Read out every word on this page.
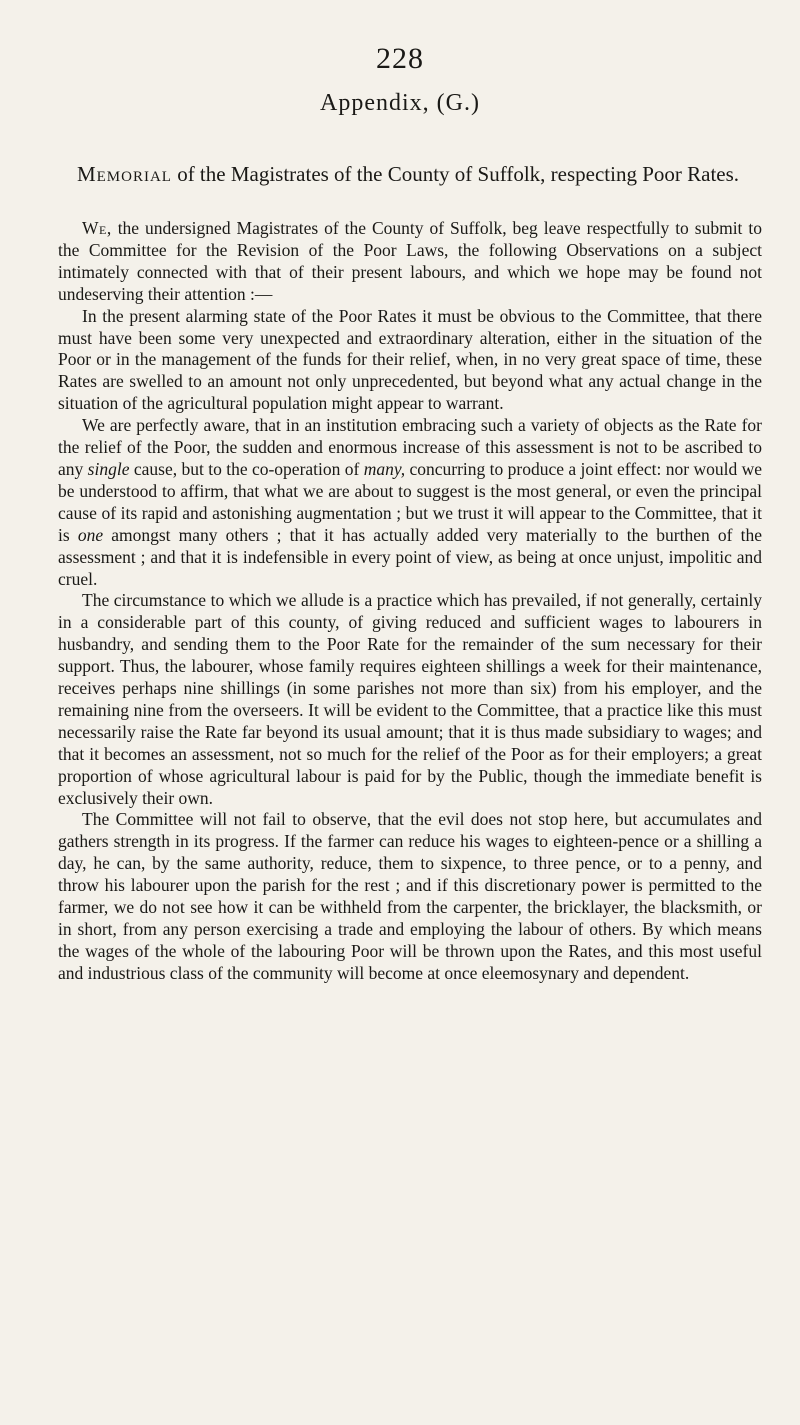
228
Appendix, (G.)
Memorial of the Magistrates of the County of Suffolk, respecting Poor Rates.

We, the undersigned Magistrates of the County of Suffolk, beg leave respectfully to submit to the Committee for the Revision of the Poor Laws, the following Observations on a subject intimately connected with that of their present labours, and which we hope may be found not undeserving their attention :—

In the present alarming state of the Poor Rates it must be obvious to the Committee, that there must have been some very unexpected and extraordinary alteration, either in the situation of the Poor or in the management of the funds for their relief, when, in no very great space of time, these Rates are swelled to an amount not only unprecedented, but beyond what any actual change in the situation of the agricultural population might appear to warrant.

We are perfectly aware, that in an institution embracing such a variety of objects as the Rate for the relief of the Poor, the sudden and enormous increase of this assessment is not to be ascribed to any single cause, but to the co-operation of many, concurring to produce a joint effect: nor would we be understood to affirm, that what we are about to suggest is the most general, or even the principal cause of its rapid and astonishing augmentation ; but we trust it will appear to the Committee, that it is one amongst many others ; that it has actually added very materially to the burthen of the assessment ; and that it is indefensible in every point of view, as being at once unjust, impolitic and cruel.

The circumstance to which we allude is a practice which has prevailed, if not generally, certainly in a considerable part of this county, of giving reduced and sufficient wages to labourers in husbandry, and sending them to the Poor Rate for the remainder of the sum necessary for their support. Thus, the labourer, whose family requires eighteen shillings a week for their maintenance, receives perhaps nine shillings (in some parishes not more than six) from his employer, and the remaining nine from the overseers. It will be evident to the Committee, that a practice like this must necessarily raise the Rate far beyond its usual amount; that it is thus made subsidiary to wages; and that it becomes an assessment, not so much for the relief of the Poor as for their employers; a great proportion of whose agricultural labour is paid for by the Public, though the immediate benefit is exclusively their own.

The Committee will not fail to observe, that the evil does not stop here, but accumulates and gathers strength in its progress. If the farmer can reduce his wages to eighteen-pence or a shilling a day, he can, by the same authority, reduce, them to sixpence, to three pence, or to a penny, and throw his labourer upon the parish for the rest ; and if this discretionary power is permitted to the farmer, we do not see how it can be withheld from the carpenter, the bricklayer, the blacksmith, or in short, from any person exercising a trade and employing the labour of others. By which means the wages of the whole of the labouring Poor will be thrown upon the Rates, and this most useful and industrious class of the community will become at once eleemosynary and dependent.
